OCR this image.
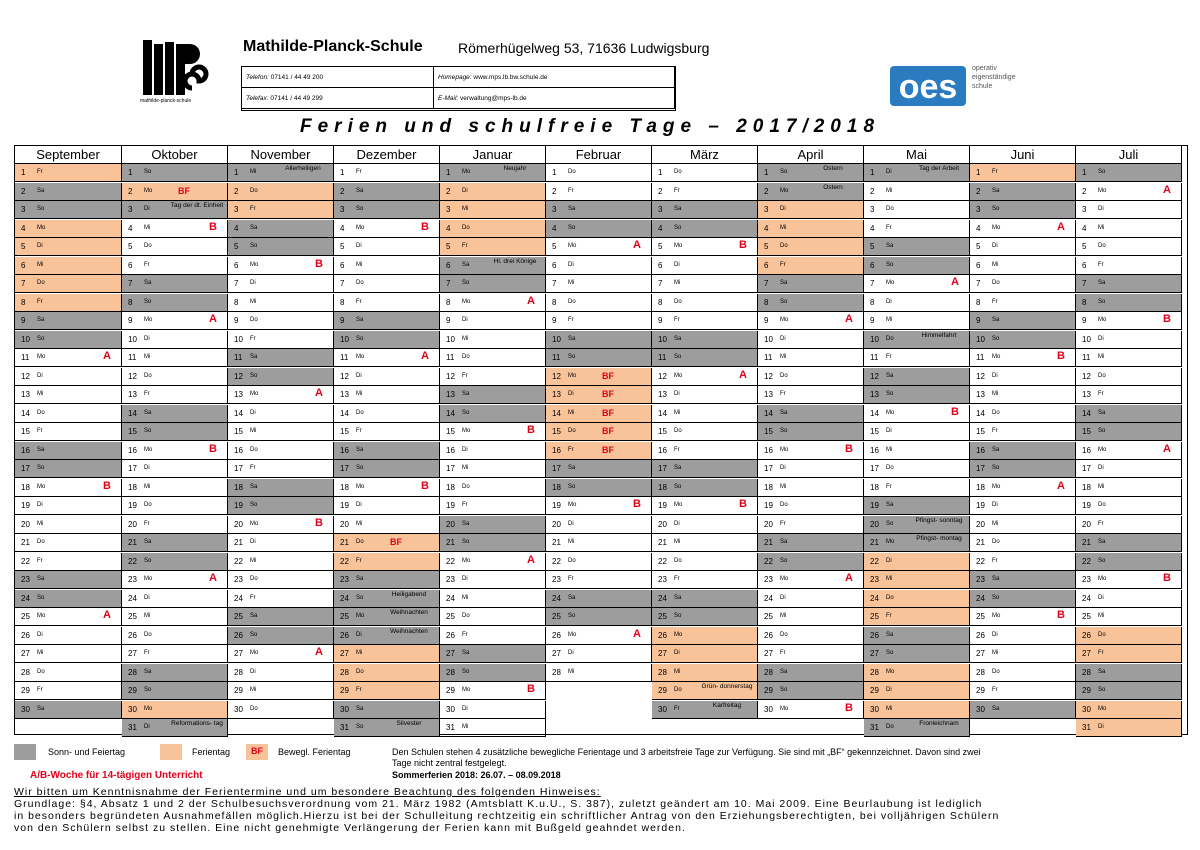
mathilde-planck-schule
Mathilde-Planck-Schule	Römerhügelweg 53, 71636 Ludwigsburg
Telefon: 07141 / 44 49 200	Homepage: www.mps.lb.bw.schule.de
Telefax: 07141 / 44 49 299	E-Mail: verwaltung@mps-lb.de	oes operativ
eigenständige
schule
Ferien und schulfreie Tage – 2017/2018
September
1 Fr
2 Sa
3 So
4 Mo
5 Di
6 Mi
7 Do
8 Fr
9 Sa
10 So
11 Mo	A
12 Di
13 Mi
14 Do
15 Fr
16 Sa
17 So
18 Mo	B
19 Di
20 Mi
21 Do
22 Fr
23 Sa
24 So
25 Mo	A
26 Di
27 Mi
28 Do
29 Fr
30 Sa
Oktober
1 So
2 Mo	BF
3 Di	Tag der dt. Einheit
4 Mi	B
5 Do
6 Fr
7 Sa
8 So
9 Mo	A
10 Di
11 Mi
12 Do
13 Fr
14 Sa
15 So
16 Mo	B
17 Di
18 Mi
19 Do
20 Fr
21 Sa
22 So
23 Mo	A
24 Di
25 Mi
26 Do
27 Fr
28 Sa
29 So
30 Mo
31 Di	Reformations- tag
November
1 Mi	Allerheiligen
2 Do
3 Fr
4 Sa
5 So
6 Mo	B
7 Di
8 Mi
9 Do
10 Fr
11 Sa
12 So
13 Mo	A
14 Di
15 Mi
16 Do
17 Fr
18 Sa
19 So
20 Mo	B
21 Di
22 Mi
23 Do
24 Fr
25 Sa
26 So
27 Mo	A
28 Di
29 Mi
30 Do
Dezember
1 Fr
2 Sa
3 So
4 Mo	B
5 Di
6 Mi
7 Do
8 Fr
9 Sa
10 So
11 Mo	A
12 Di
13 Mi
14 Do
15 Fr
16 Sa
17 So
18 Mo	B
19 Di
20 Mi
21 Do	BF
22 Fr
23 Sa
24 So	Heiligabend
25 Mo	Weihnachten
26 Di	Weihnachten
27 Mi
28 Do
29 Fr
30 Sa
31 So	Silvester
Januar
1 Mo	Neujahr
2 Di
3 Mi
4 Do
5 Fr
6 Sa	Hl. drei Könige
7 So
8 Mo	A
9 Di
10 Mi
11 Do
12 Fr
13 Sa
14 So
15 Mo	B
16 Di
17 Mi
18 Do
19 Fr
20 Sa
21 So
22 Mo	A
23 Di
24 Mi
25 Do
26 Fr
27 Sa
28 So
29 Mo	B
30 Di
31 Mi
Februar
1 Do
2 Fr
3 Sa
4 So
5 Mo	A
6 Di
7 Mi
8 Do
9 Fr
10 Sa
11 So
12 Mo	BF
13 Di	BF
14 Mi	BF
15 Do	BF
16 Fr	BF
17 Sa
18 So
19 Mo	B
20 Di
21 Mi
22 Do
23 Fr
24 Sa
25 So
26 Mo	A
27 Di
28 Mi
März
1 Do
2 Fr
3 Sa
4 So
5 Mo	B
6 Di
7 Mi
8 Do
9 Fr
10 Sa
11 So
12 Mo	A
13 Di
14 Mi
15 Do
16 Fr
17 Sa
18 So
19 Mo	B
20 Di
21 Mi
22 Do
23 Fr
24 Sa
25 So
26 Mo
27 Di
28 Mi
29 Do	Grün- donnerstag
30 Fr	Karfreitag
April
1 So	Ostern
2 Mo	Ostern
3 Di
4 Mi
5 Do
6 Fr
7 Sa
8 So
9 Mo	A
10 Di
11 Mi
12 Do
13 Fr
14 Sa
15 So
16 Mo	B
17 Di
18 Mi
19 Do
20 Fr
21 Sa
22 So
23 Mo	A
24 Di
25 Mi
26 Do
27 Fr
28 Sa
29 So
30 Mo	B
Mai
1 Di	Tag der Arbeit
2 Mi
3 Do
4 Fr
5 Sa
6 So
7 Mo	A
8 Di
9 Mi
10 Do	Himmelfahrt
11 Fr
12 Sa
13 So
14 Mo	B
15 Di
16 Mi
17 Do
18 Fr
19 Sa
20 So	Pfingst- sonntag
21 Mo	Pfingst- montag
22 Di
23 Mi
24 Do
25 Fr
26 Sa
27 So
28 Mo
29 Di
30 Mi
31 Do	Fronleichnam
Juni
1 Fr
2 Sa
3 So
4 Mo	A
5 Di
6 Mi
7 Do
8 Fr
9 Sa
10 So
11 Mo	B
12 Di
13 Mi
14 Do
15 Fr
16 Sa
17 So
18 Mo	A
19 Di
20 Mi
21 Do
22 Fr
23 Sa
24 So
25 Mo	B
26 Di
27 Mi
28 Do
29 Fr
30 Sa
Juli
1 So
2 Mo	A
3 Di
4 Mi
5 Do
6 Fr
7 Sa
8 So
9 Mo	B
10 Di
11 Mi
12 Do
13 Fr
14 Sa
15 So
16 Mo	A
17 Di
18 Mi
19 Do
20 Fr
21 Sa
22 So
23 Mo	B
24 Di
25 Mi
26 Do
27 Fr
28 Sa
29 So
30 Mo
31 Di
Sonn- und Feiertag	Ferientag	BF	Bewegl. Ferientag	Den Schulen stehen 4 zusätzliche bewegliche Ferientage und 3 arbeitsfreie Tage zur Verfügung. Sie sind mit „BF“ gekennzeichnet. Davon sind zwei Tage nicht zentral festgelegt.
A/B-Woche für 14-tägigen Unterricht	Sommerferien 2018: 26.07. – 08.09.2018
Wir bitten um Kenntnisnahme der Ferientermine und um besondere Beachtung des folgenden Hinweises:
Grundlage: §4, Absatz 1 und 2 der Schulbesuchsverordnung vom 21. März 1982 (Amtsblatt K.u.U., S. 387), zuletzt geändert am 10. Mai 2009. Eine Beurlaubung ist lediglich
in besonders begründeten Ausnahmefällen möglich.Hierzu ist bei der Schulleitung rechtzeitig ein schriftlicher Antrag von den Erziehungsberechtigten, bei volljährigen Schülern
von den Schülern selbst zu stellen. Eine nicht genehmigte Verlängerung der Ferien kann mit Bußgeld geahndet werden.
